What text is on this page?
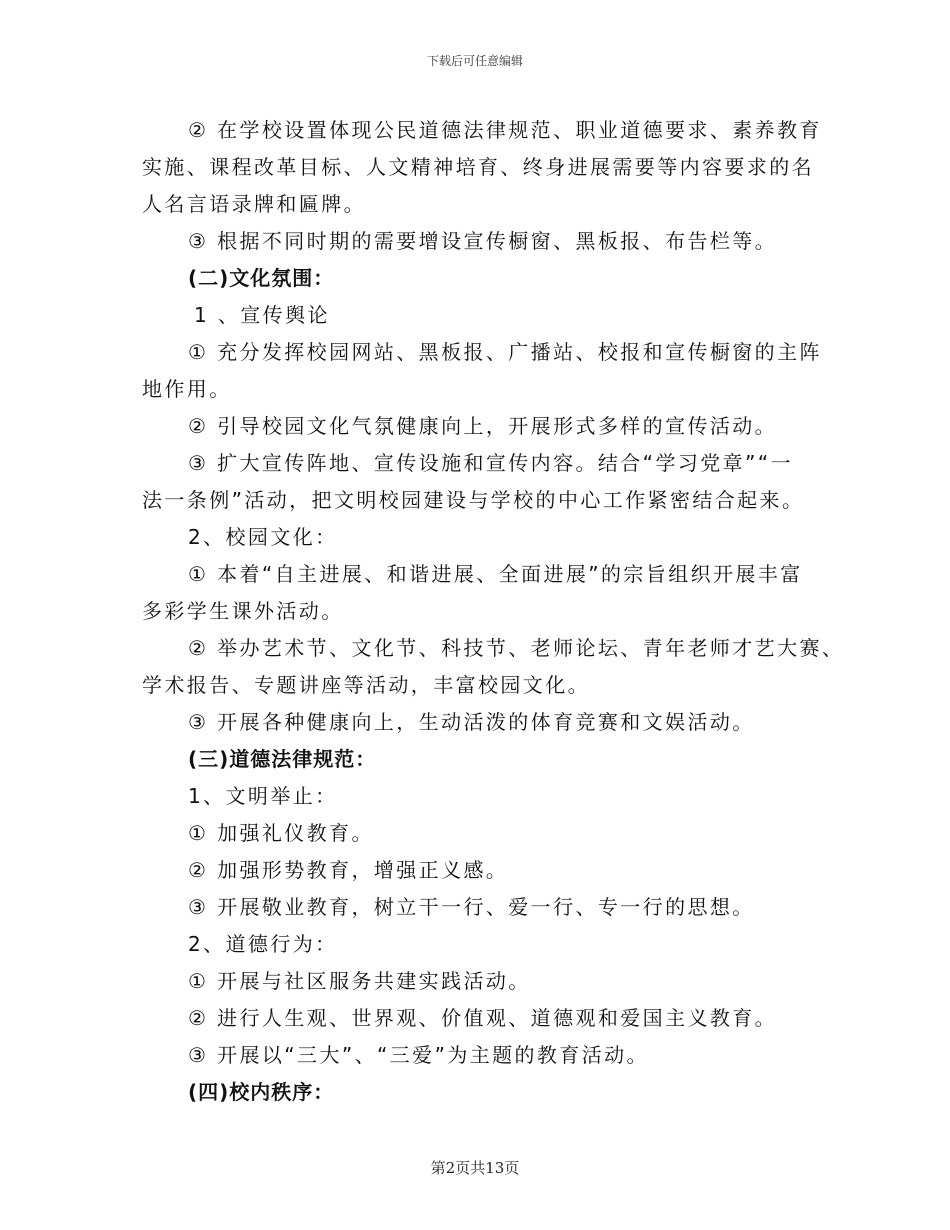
下载后可任意编辑
② 在学校设置体现公民道德法律规范、职业道德要求、素养教育
实施、课程改革目标、人文精神培育、终身进展需要等内容要求的名
人名言语录牌和匾牌。
③ 根据不同时期的需要增设宣传橱窗、黑板报、布告栏等。
(二)文化氛围：
1 、宣传舆论
① 充分发挥校园网站、黑板报、广播站、校报和宣传橱窗的主阵
地作用。
② 引导校园文化气氛健康向上，开展形式多样的宣传活动。
③ 扩大宣传阵地、宣传设施和宣传内容。结合“学习党章”“一
法一条例”活动，把文明校园建设与学校的中心工作紧密结合起来。
2、校园文化：
① 本着“自主进展、和谐进展、全面进展”的宗旨组织开展丰富
多彩学生课外活动。
② 举办艺术节、文化节、科技节、老师论坛、青年老师才艺大赛、
学术报告、专题讲座等活动，丰富校园文化。
③ 开展各种健康向上，生动活泼的体育竞赛和文娱活动。
(三)道德法律规范：
1、文明举止：
① 加强礼仪教育。
② 加强形势教育，增强正义感。
③ 开展敬业教育，树立干一行、爱一行、专一行的思想。
2、道德行为：
① 开展与社区服务共建实践活动。
② 进行人生观、世界观、价值观、道德观和爱国主义教育。
③ 开展以“三大”、“三爱”为主题的教育活动。
(四)校内秩序：
第2页共13页
